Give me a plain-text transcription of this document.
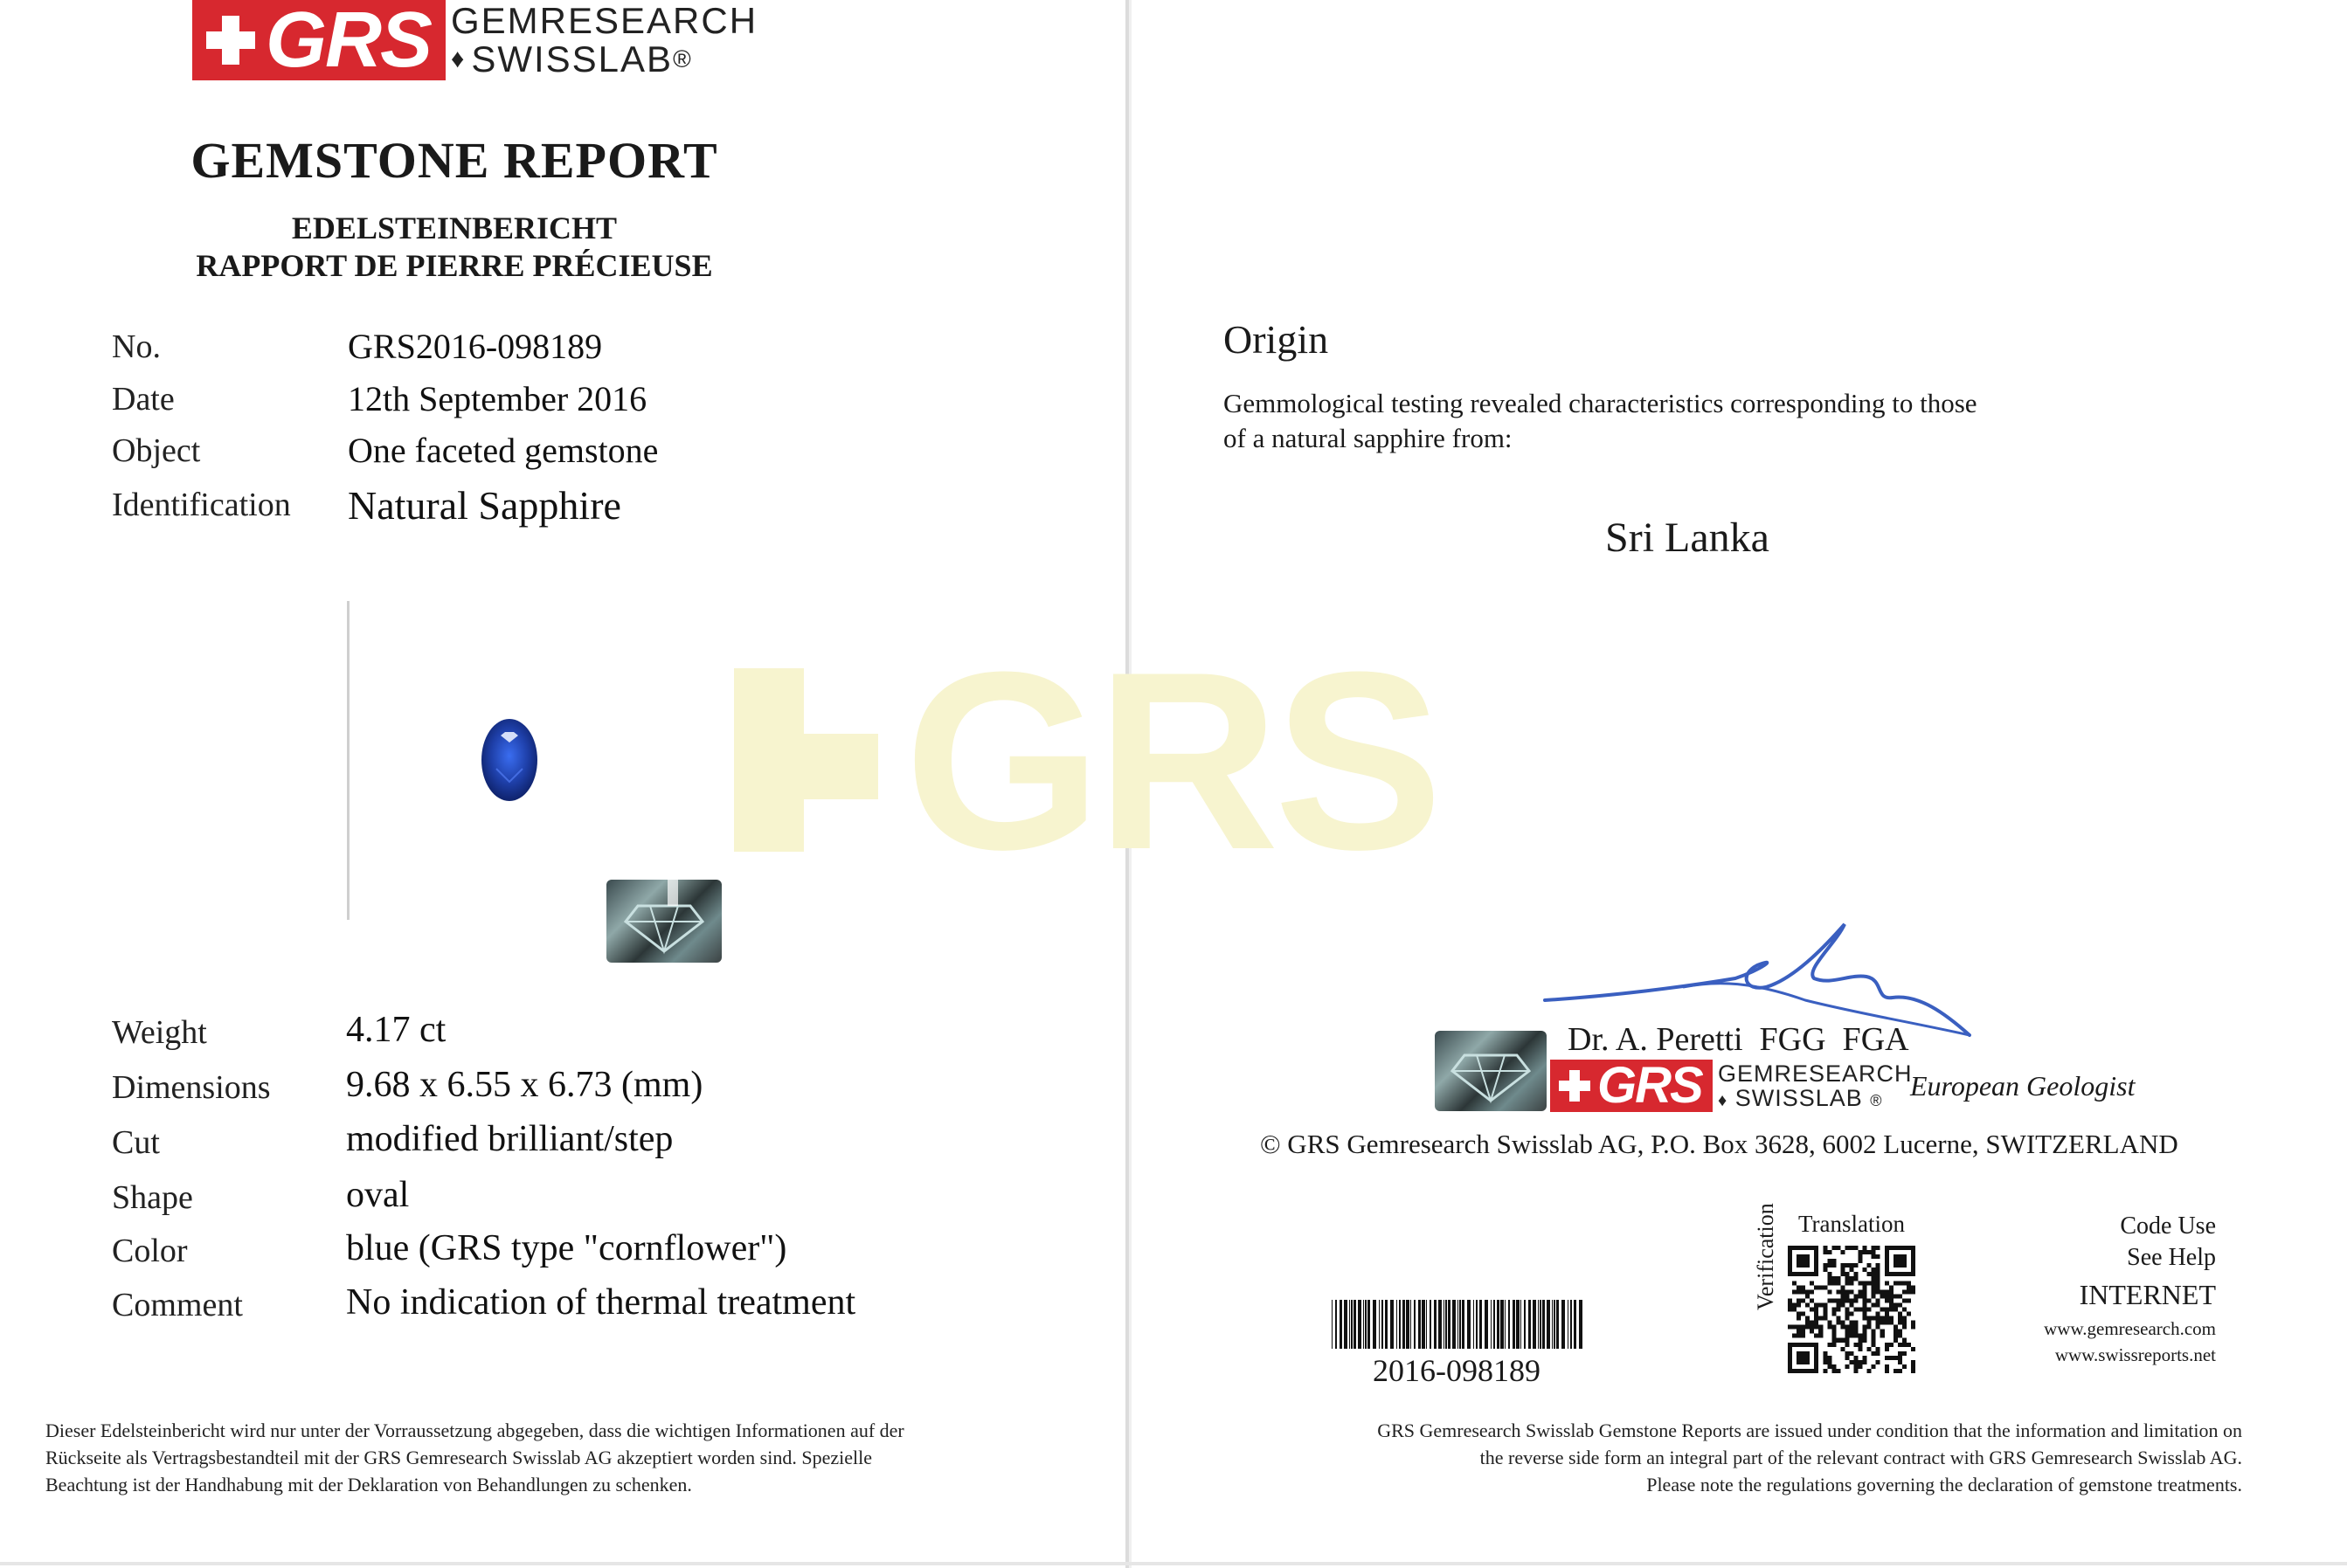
GRS
GRS GEMRESEARCH
♦ SWISSLAB ®
GEMSTONE REPORT
EDELSTEINBERICHT
RAPPORT DE PIERRE PRÉCIEUSE
No.	GRS2016-098189
Date	12th September 2016
Object	One faceted gemstone
Identification Natural Sapphire
Weight	4.17 ct
Dimensions 9.68 x 6.55 x 6.73 (mm)
Cut	modified brilliant/step
Shape	oval
Color	blue (GRS type "cornflower")
Comment	No indication of thermal treatment
Dieser Edelsteinbericht wird nur unter der Vorraussetzung abgegeben, dass die wichtigen Informationen auf der
Rückseite als Vertragsbestandteil mit der GRS Gemresearch Swisslab AG akzeptiert worden sind. Spezielle
Beachtung ist der Handhabung mit der Deklaration von Behandlungen zu schenken.
Origin
Gemmological testing revealed characteristics corresponding to those
of a natural sapphire from:
Sri Lanka
Dr. A. Peretti  FGG  FGA
GRS GEMRESEARCH
♦ SWISSLAB ® European Geologist
© GRS Gemresearch Swisslab AG, P.O. Box 3628, 6002 Lucerne, SWITZERLAND
2016-098189
Translation
Verification	Code Use
See Help
INTERNET
www.gemresearch.com
www.swissreports.net
GRS Gemresearch Swisslab Gemstone Reports are issued under condition that the information and limitation on
the reverse side form an integral part of the relevant contract with GRS Gemresearch Swisslab AG.
Please note the regulations governing the declaration of gemstone treatments.
